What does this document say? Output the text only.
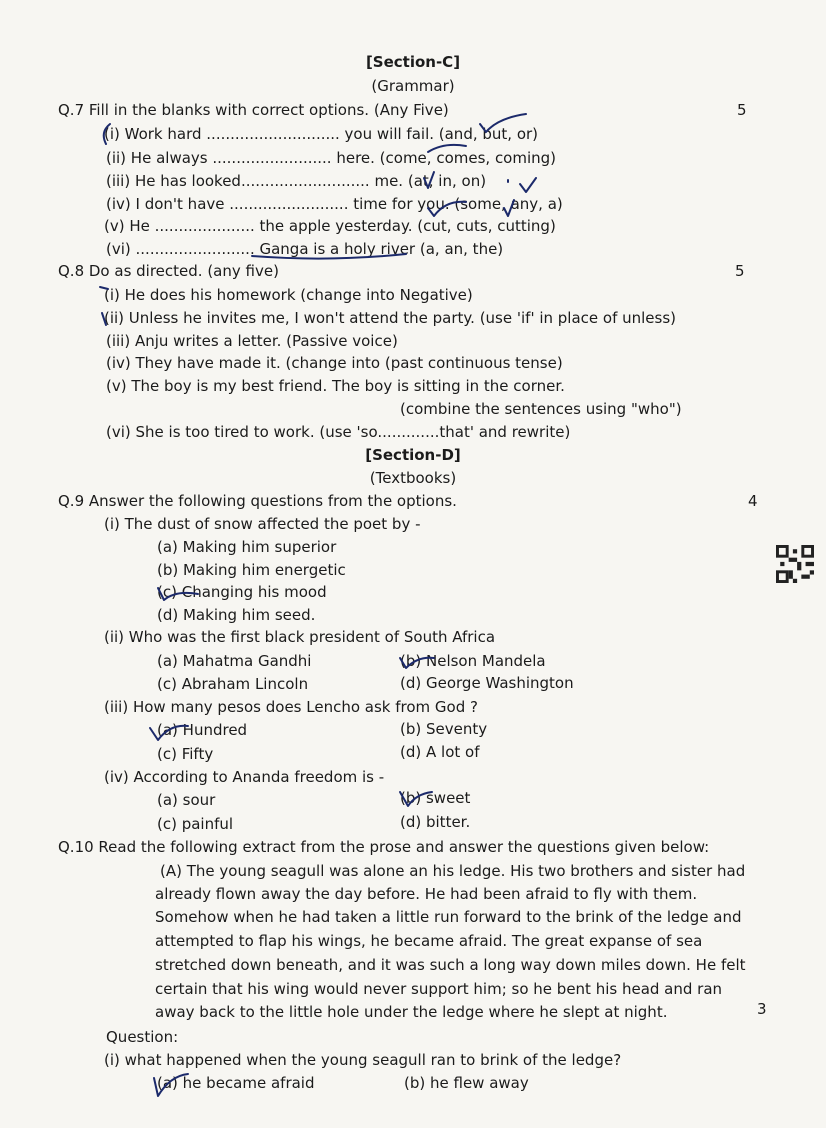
[Section-C]
(Grammar)
Q.7 Fill in the blanks with correct options. (Any Five)	5
(i) Work hard ............................ you will fail. (and, but, or)
(ii) He always ......................... here. (come, comes, coming)
(iii) He has looked........................... me. (at, in, on)
(iv) I don't have ......................... time for you. (some, any, a)
(v) He ..................... the apple yesterday. (cut, cuts, cutting)
(vi) ......................... Ganga is a holy river (a, an, the)
Q.8 Do as directed. (any five)	5
(i) He does his homework (change into Negative)
(ii) Unless he invites me, I won't attend the party. (use 'if' in place of unless)
(iii) Anju writes a letter. (Passive voice)
(iv) They have made it. (change into (past continuous tense)
(v) The boy is my best friend. The boy is sitting in the corner.
(combine the sentences using "who")
(vi) She is too tired to work. (use 'so.............that' and rewrite)
[Section-D]
(Textbooks)
Q.9 Answer the following questions from the options.	4
(i) The dust of snow affected the poet by -
(a) Making him superior
(b) Making him energetic
(c) Changing his mood
(d) Making him seed.
(ii) Who was the first black president of South Africa
(a) Mahatma Gandhi	(b) Nelson Mandela
(c) Abraham Lincoln	(d) George Washington
(iii) How many pesos does Lencho ask from God ?
(a) Hundred	(b) Seventy
(c) Fifty	(d) A lot of
(iv) According to Ananda freedom is -
(a) sour	(b) sweet
(c) painful	(d) bitter.
Q.10 Read the following extract from the prose and answer the questions given below:
(A) The young seagull was alone an his ledge. His two brothers and sister had
already flown away the day before. He had been afraid to fly with them.
Somehow when he had taken a little run forward to the brink of the ledge and
attempted to flap his wings, he became afraid. The great expanse of sea
stretched down beneath, and it was such a long way down miles down. He felt
certain that his wing would never support him; so he bent his head and ran
away back to the little hole under the ledge where he slept at night.	3
Question:
(i) what happened when the young seagull ran to brink of the ledge?
(a) he became afraid	(b) he flew away
